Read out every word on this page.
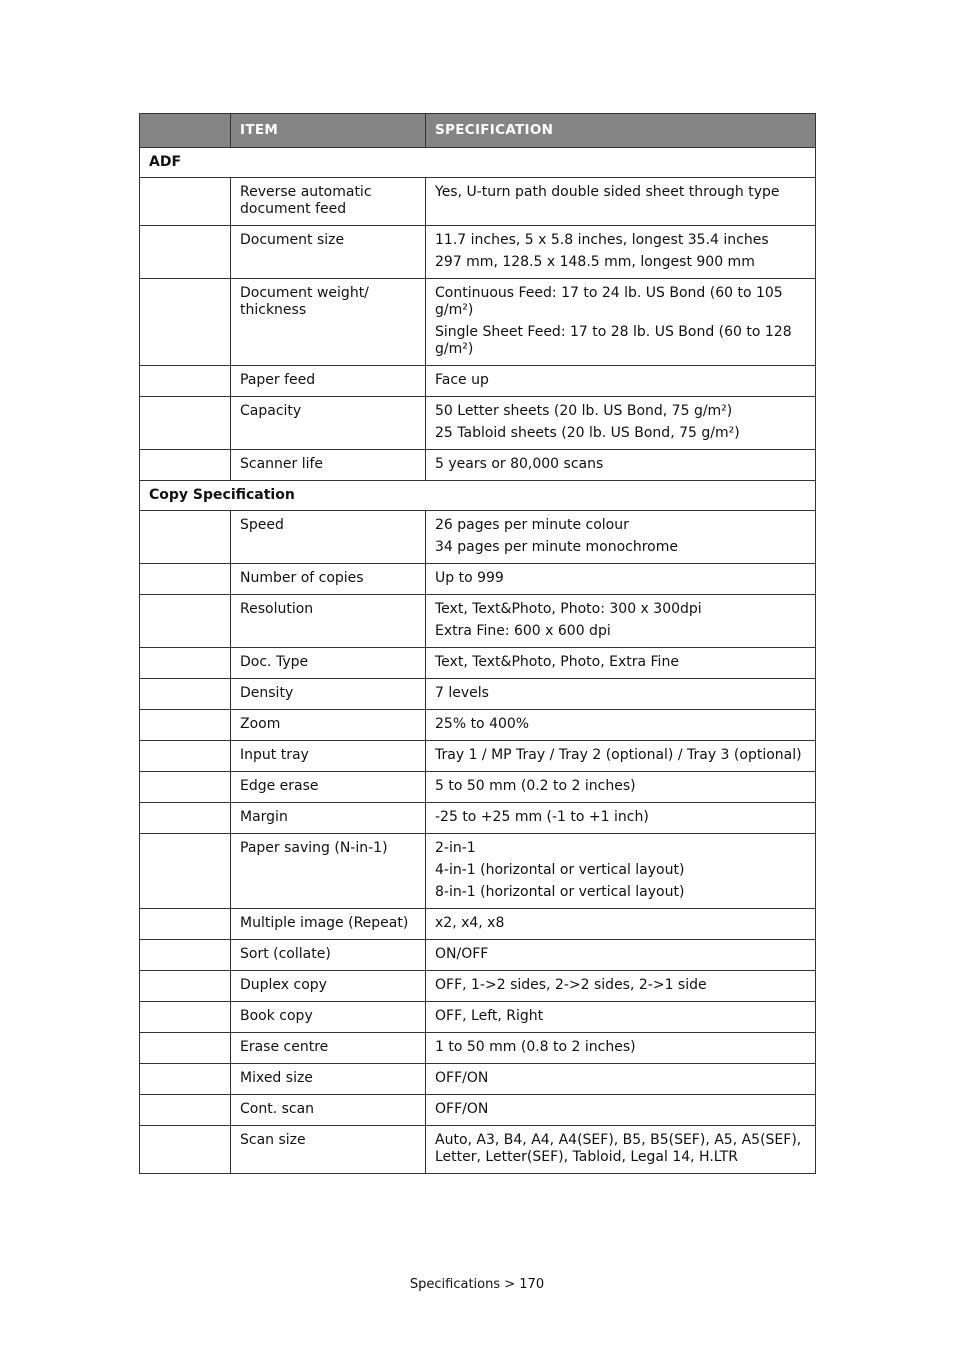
	ITEM	SPECIFICATION
ADF		
	Reverse automatic document feed	Yes, U-turn path double sided sheet through type

	Document size	11.7 inches, 5 x 5.8 inches, longest 35.4 inches
297 mm, 128.5 x 148.5 mm, longest 900 mm

	Document weight/ thickness	Continuous Feed: 17 to 24 lb. US Bond (60 to 105 g/m²)
Single Sheet Feed: 17 to 28 lb. US Bond (60 to 128 g/m²)

	Paper feed	Face up

	Capacity	50 Letter sheets (20 lb. US Bond, 75 g/m²)
25 Tabloid sheets (20 lb. US Bond, 75 g/m²)

	Scanner life	5 years or 80,000 scans

Copy Specification		
	Speed	26 pages per minute colour
34 pages per minute monochrome

	Number of copies	Up to 999

	Resolution	Text, Text&Photo, Photo: 300 x 300dpi
Extra Fine: 600 x 600 dpi

	Doc. Type	Text, Text&Photo, Photo, Extra Fine

	Density	7 levels

	Zoom	25% to 400%

	Input tray	Tray 1 / MP Tray / Tray 2 (optional) / Tray 3 (optional)

	Edge erase	5 to 50 mm (0.2 to 2 inches)

	Margin	-25 to +25 mm (-1 to +1 inch)

	Paper saving (N-in-1)	2-in-1
4-in-1 (horizontal or vertical layout)
8-in-1 (horizontal or vertical layout)

	Multiple image (Repeat)	x2, x4, x8

	Sort (collate)	ON/OFF

	Duplex copy	OFF, 1->2 sides, 2->2 sides, 2->1 side

	Book copy	OFF, Left, Right

	Erase centre	1 to 50 mm (0.8 to 2 inches)

	Mixed size	OFF/ON

	Cont. scan	OFF/ON

	Scan size	Auto, A3, B4, A4, A4(SEF), B5, B5(SEF), A5, A5(SEF), Letter, Letter(SEF), Tabloid, Legal 14, H.LTR
Specifications > 170
